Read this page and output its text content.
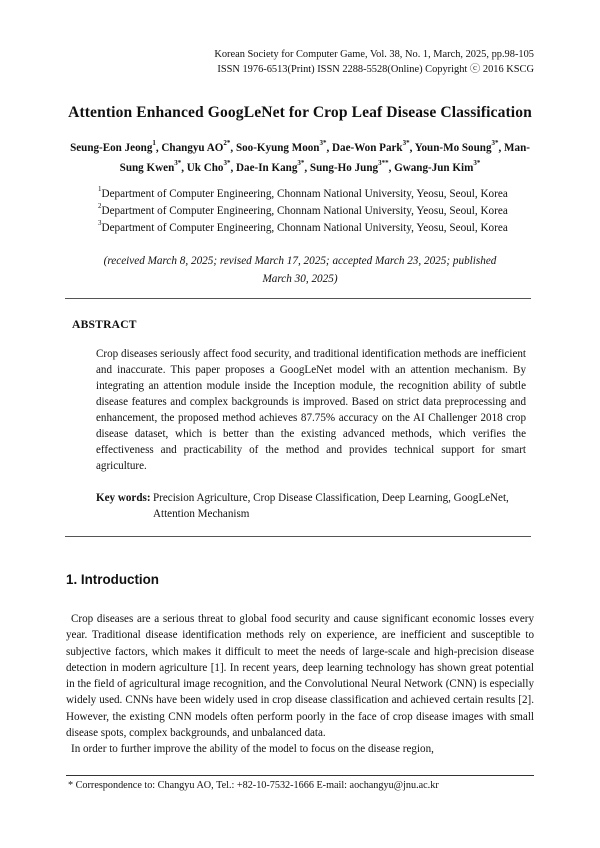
Korean Society for Computer Game, Vol. 38, No. 1, March, 2025, pp.98-105
ISSN 1976-6513(Print) ISSN 2288-5528(Online) Copyright ⓒ 2016 KSCG
Attention Enhanced GoogLeNet for Crop Leaf Disease Classification
Seung-Eon Jeong$^1$, Changyu $AO^{2*}$, Soo-Kyung Moon$^{3*}$, Dae-Won Park$^{3*}$, Youn-Mo Soung$^{3*}$, Man-Sung Kwen$^{3*}$, Uk Cho$^{3*}$, Dae-In Kang$^{3*}$, Sung-Ho Jung$^{3**}$, Gwang-Jun Kim$^{3*}$
$^1$Department of Computer Engineering, Chonnam National University, Yeosu, Seoul, Korea
$^2$Department of Computer Engineering, Chonnam National University, Yeosu, Seoul, Korea
$^3$Department of Computer Engineering, Chonnam National University, Yeosu, Seoul, Korea
(received March 8, 2025; revised March 17, 2025; accepted March 23, 2025; published March 30, 2025)
ABSTRACT
Crop diseases seriously affect food security, and traditional identification methods are inefficient and inaccurate. This paper proposes a GoogLeNet model with an attention mechanism. By integrating an attention module inside the Inception module, the recognition ability of subtle disease features and complex backgrounds is improved. Based on strict data preprocessing and enhancement, the proposed method achieves 87.75% accuracy on the AI Challenger 2018 crop disease dataset, which is better than the existing advanced methods, which verifies the effectiveness and practicability of the method and provides technical support for smart agriculture.
Key words: Precision Agriculture, Crop Disease Classification, Deep Learning, GoogLeNet, Attention Mechanism
1. Introduction

Crop diseases are a serious threat to global food security and cause significant economic losses every year. Traditional disease identification methods rely on experience, are inefficient and susceptible to subjective factors, which makes it difficult to meet the needs of large-scale and high-precision disease detection in modern agriculture [1]. In recent years, deep learning technology has shown great potential in the field of agricultural image recognition, and the Convolutional Neural Network (CNN) is especially widely used. CNNs have been widely used in crop disease classification and achieved certain results [2]. However, the existing CNN models often perform poorly in the face of crop disease images with small disease spots, complex backgrounds, and unbalanced data.

In order to further improve the ability of the model to focus on the disease region,

* Correspondence to: Changyu AO, Tel.: +82-10-7532-1666 E-mail: aochangyu@jnu.ac.kr
